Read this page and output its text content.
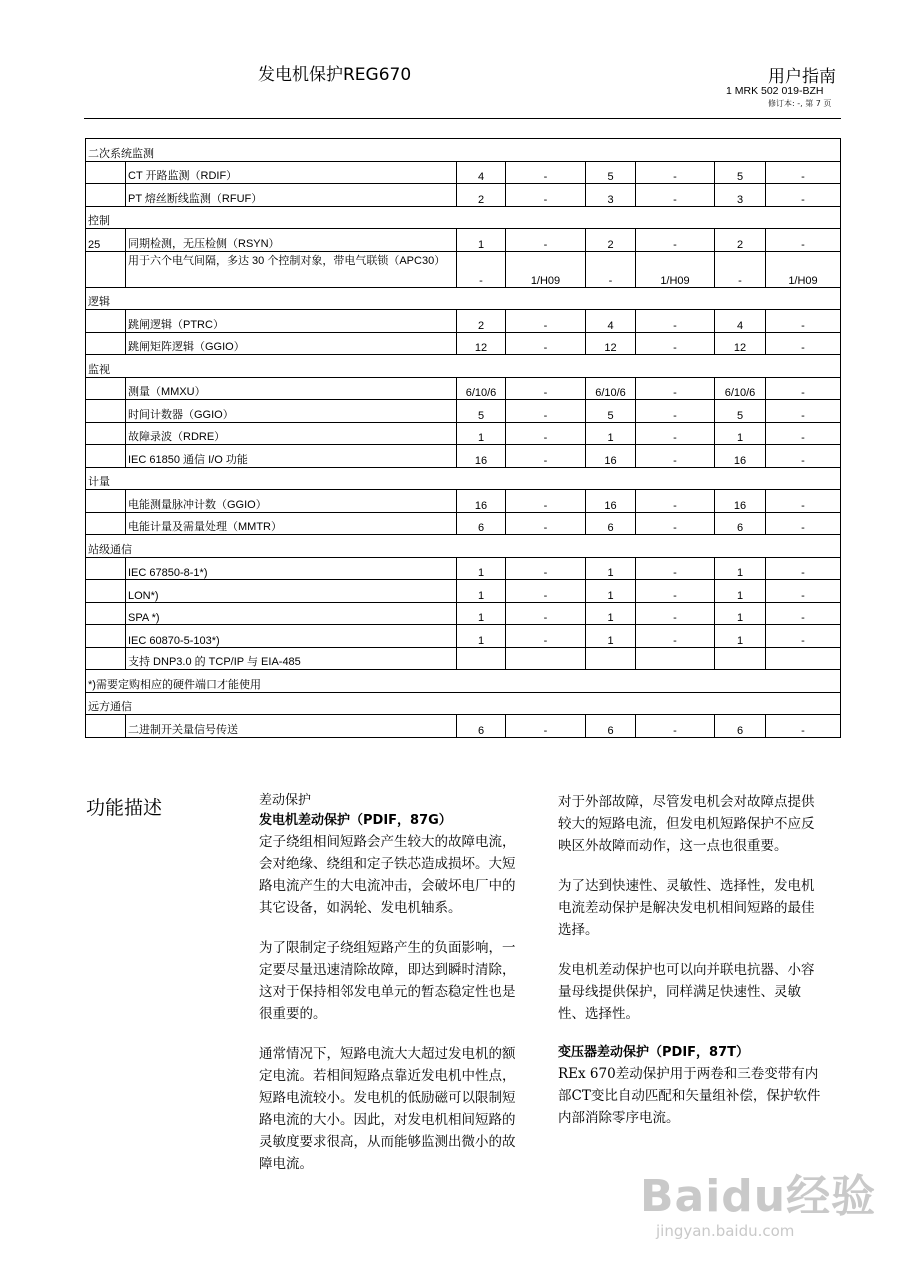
发电机保护REG670	用户指南
1 MRK 502 019-BZH
修订本: -, 第 7 页
二次系统监测							
	CT 开路监测（RDIF）	4	-	5	-	5	-
	PT 熔丝断线监测（RFUF）	2	-	3	-	3	-
控制							
25	同期检测，无压检侧（RSYN）	1	-	2	-	2	-
	用于六个电气间隔，多达 30 个控制对象，带电气联锁（APC30）	-	1/H09	-	1/H09	-	1/H09
逻辑							
	跳闸逻辑（PTRC）	2	-	4	-	4	-
	跳闸矩阵逻辑（GGIO）	12	-	12	-	12	-
监视							
	测量（MMXU）	6/10/6	-	6/10/6	-	6/10/6	-
	时间计数器（GGIO）	5	-	5	-	5	-
	故障录波（RDRE）	1	-	1	-	1	-
	IEC 61850 通信 I/O 功能	16	-	16	-	16	-
计量							
	电能测量脉冲计数（GGIO）	16	-	16	-	16	-
	电能计量及需量处理（MMTR）	6	-	6	-	6	-
站级通信							
	IEC 67850-8-1*)	1	-	1	-	1	-
	LON*)	1	-	1	-	1	-
	SPA *)	1	-	1	-	1	-
	IEC 60870-5-103*)	1	-	1	-	1	-
	支持 DNP3.0 的 TCP/IP 与 EIA-485						
*)需要定购相应的硬件端口才能使用							
远方通信							
	二进制开关量信号传送	6	-	6	-	6	-
功能描述	差动保护
发电机差动保护（PDIF，87G）

定子绕组相间短路会产生较大的故障电流，会对绝缘、绕组和定子铁芯造成损坏。大短路电流产生的大电流冲击，会破坏电厂中的其它设备，如涡轮、发电机轴系。

为了限制定子绕组短路产生的负面影响，一定要尽量迅速清除故障，即达到瞬时清除，这对于保持相邻发电单元的暂态稳定性也是很重要的。

通常情况下，短路电流大大超过发电机的额定电流。若相间短路点靠近发电机中性点，短路电流较小。发电机的低励磁可以限制短路电流的大小。因此，对发电机相间短路的灵敏度要求很高，从而能够监测出微小的故障电流。

对于外部故障，尽管发电机会对故障点提供较大的短路电流，但发电机短路保护不应反映区外故障而动作，这一点也很重要。

为了达到快速性、灵敏性、选择性，发电机电流差动保护是解决发电机相间短路的最佳选择。

发电机差动保护也可以向并联电抗器、小容量母线提供保护，同样满足快速性、灵敏性、选择性。

变压器差动保护（PDIF，87T）

REx 670差动保护用于两卷和三卷变带有内部CT变比自动匹配和矢量组补偿，保护软件内部消除零序电流。

Baidu经验
jingyan.baidu.com
